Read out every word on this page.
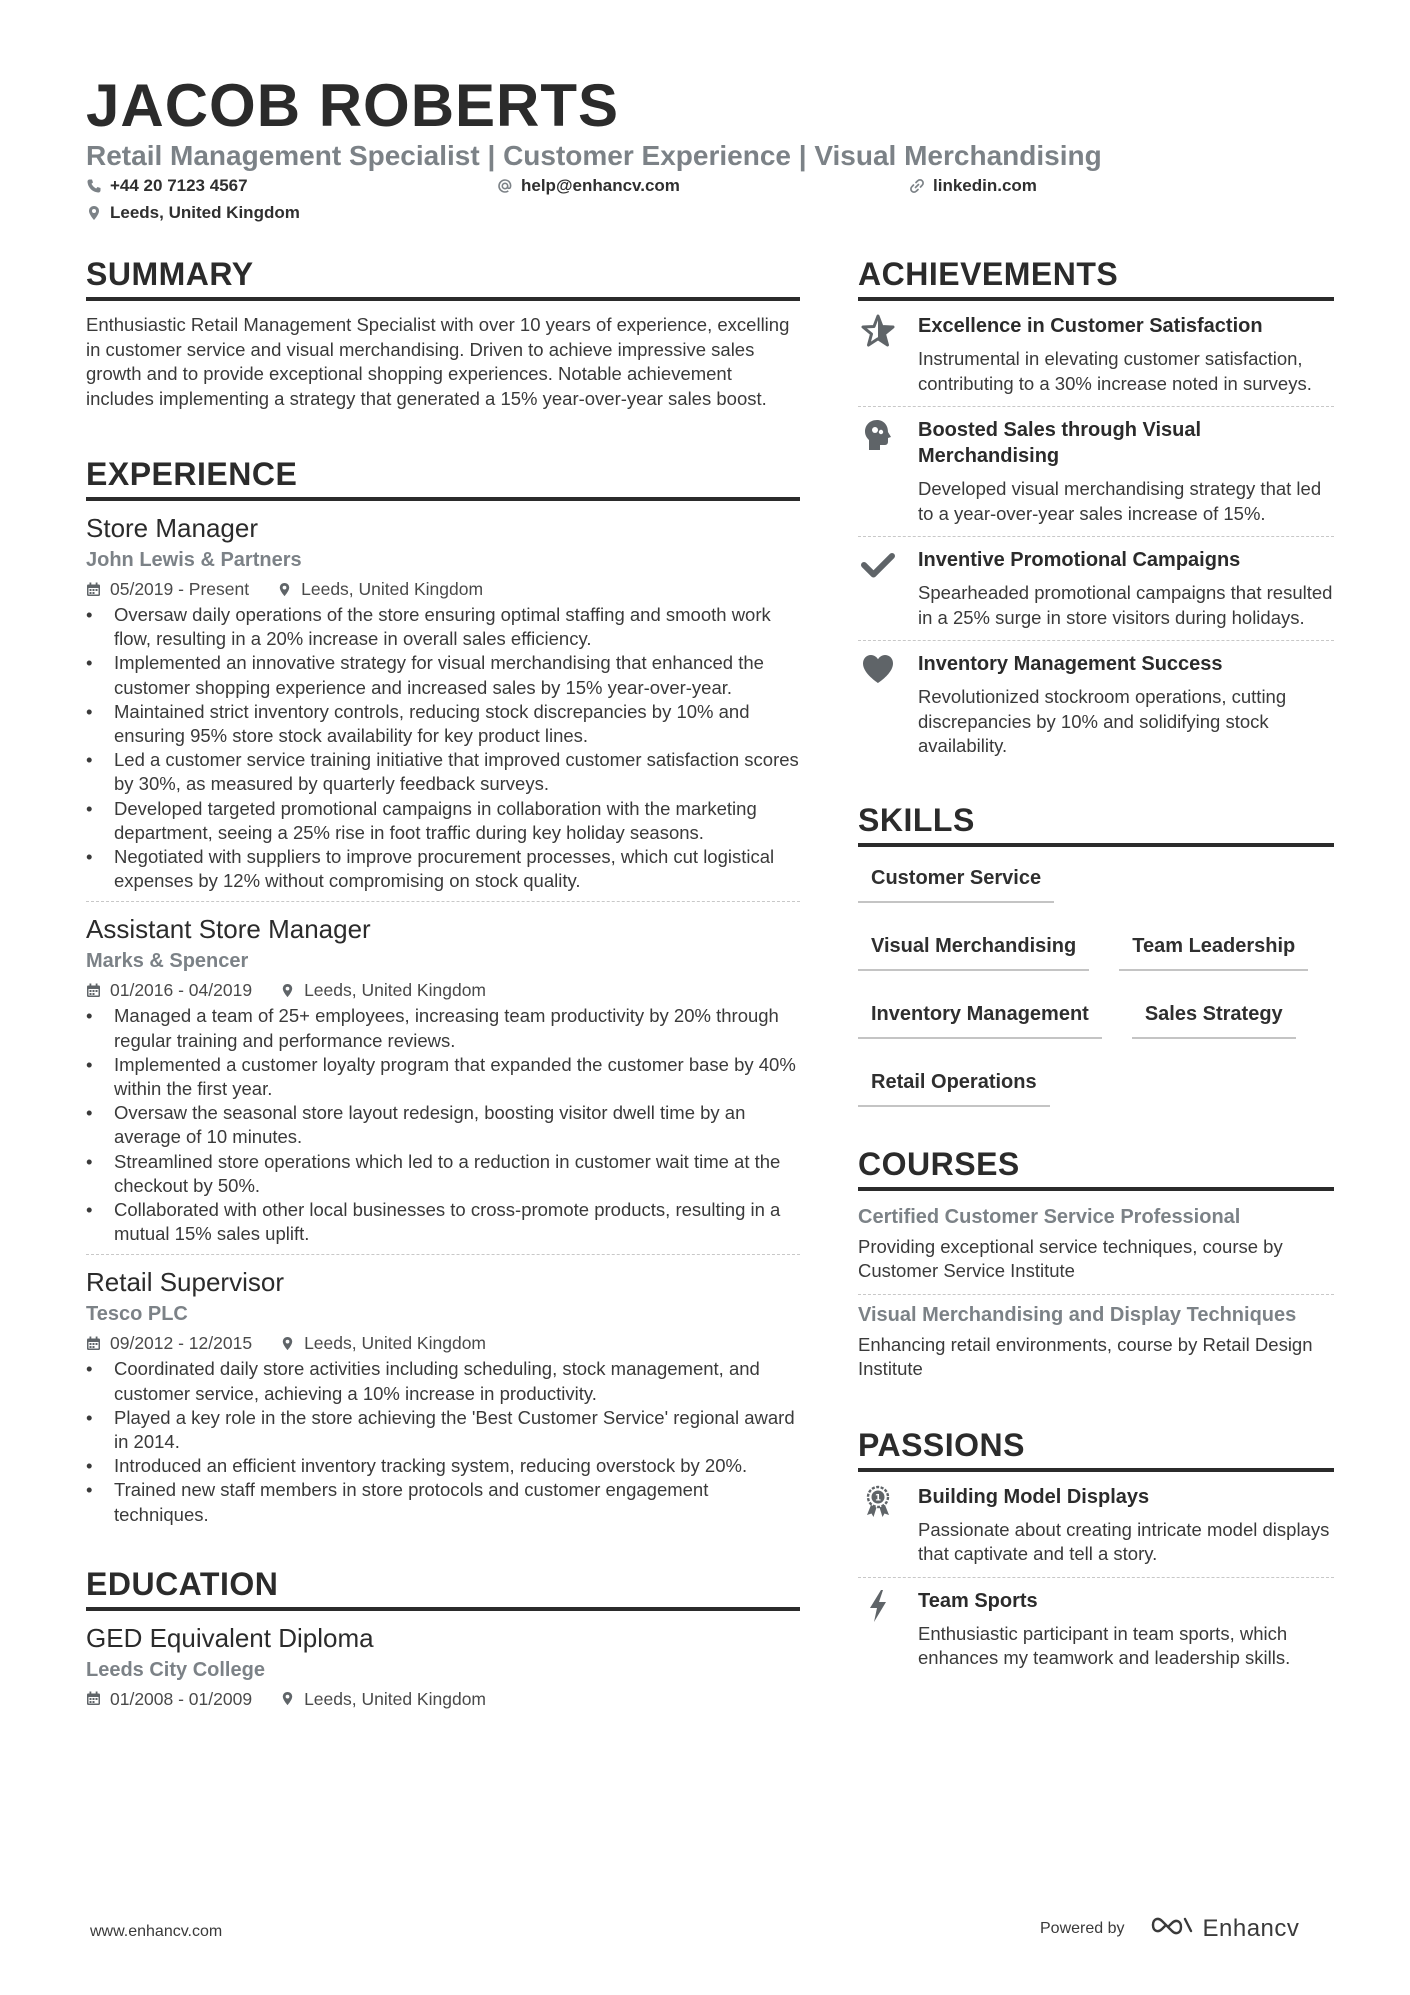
JACOB ROBERTS
Retail Management Specialist | Customer Experience | Visual Merchandising
+44 20 7123 4567	help@enhancv.com	linkedin.com
Leeds, United Kingdom
SUMMARY
Enthusiastic Retail Management Specialist with over 10 years of experience, excelling in customer service and visual merchandising. Driven to achieve impressive sales growth and to provide exceptional shopping experiences. Notable achievement includes implementing a strategy that generated a 15% year-over-year sales boost.
EXPERIENCE
Store Manager
John Lewis & Partners
05/2019 - Present	Leeds, United Kingdom
• Oversaw daily operations of the store ensuring optimal staffing and smooth work flow, resulting in a 20% increase in overall sales efficiency.
• Implemented an innovative strategy for visual merchandising that enhanced the customer shopping experience and increased sales by 15% year-over-year.
• Maintained strict inventory controls, reducing stock discrepancies by 10% and ensuring 95% store stock availability for key product lines.
• Led a customer service training initiative that improved customer satisfaction scores by 30%, as measured by quarterly feedback surveys.
• Developed targeted promotional campaigns in collaboration with the marketing department, seeing a 25% rise in foot traffic during key holiday seasons.
• Negotiated with suppliers to improve procurement processes, which cut logistical expenses by 12% without compromising on stock quality.
Assistant Store Manager
Marks & Spencer
01/2016 - 04/2019	Leeds, United Kingdom
• Managed a team of 25+ employees, increasing team productivity by 20% through regular training and performance reviews.
• Implemented a customer loyalty program that expanded the customer base by 40% within the first year.
• Oversaw the seasonal store layout redesign, boosting visitor dwell time by an average of 10 minutes.
• Streamlined store operations which led to a reduction in customer wait time at the checkout by 50%.
• Collaborated with other local businesses to cross-promote products, resulting in a mutual 15% sales uplift.
Retail Supervisor
Tesco PLC
09/2012 - 12/2015	Leeds, United Kingdom
• Coordinated daily store activities including scheduling, stock management, and customer service, achieving a 10% increase in productivity.
• Played a key role in the store achieving the 'Best Customer Service' regional award in 2014.
• Introduced an efficient inventory tracking system, reducing overstock by 20%.
• Trained new staff members in store protocols and customer engagement techniques.
EDUCATION
GED Equivalent Diploma
Leeds City College
01/2008 - 01/2009	Leeds, United Kingdom
ACHIEVEMENTS
Excellence in Customer Satisfaction
Instrumental in elevating customer satisfaction, contributing to a 30% increase noted in surveys.
Boosted Sales through Visual Merchandising
Developed visual merchandising strategy that led to a year-over-year sales increase of 15%.
Inventive Promotional Campaigns
Spearheaded promotional campaigns that resulted in a 25% surge in store visitors during holidays.
Inventory Management Success
Revolutionized stockroom operations, cutting discrepancies by 10% and solidifying stock availability.
SKILLS
Customer Service
Visual Merchandising	Team Leadership
Inventory Management	Sales Strategy
Retail Operations
COURSES
Certified Customer Service Professional
Providing exceptional service techniques, course by Customer Service Institute
Visual Merchandising and Display Techniques
Enhancing retail environments, course by Retail Design Institute
PASSIONS
1 Building Model Displays
Passionate about creating intricate model displays that captivate and tell a story.
Team Sports
Enthusiastic participant in team sports, which enhances my teamwork and leadership skills.
www.enhancv.com	Powered by	Enhancv
